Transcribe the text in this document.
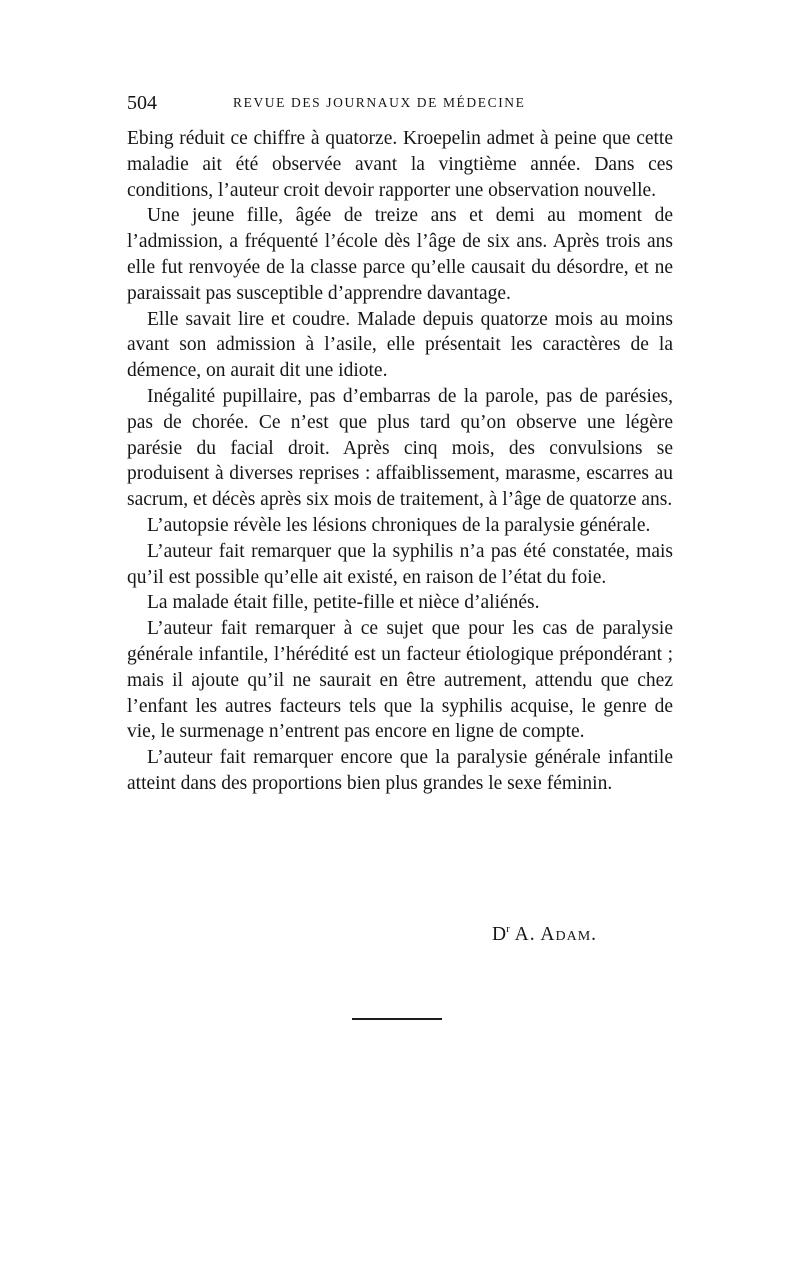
504	REVUE DES JOURNAUX DE MÉDECINE

Ebing réduit ce chiffre à quatorze. Kroepelin admet à peine que cette maladie ait été observée avant la vingtième année. Dans ces conditions, l’auteur croit devoir rapporter une observation nouvelle.

Une jeune fille, âgée de treize ans et demi au moment de l’admission, a fréquenté l’école dès l’âge de six ans. Après trois ans elle fut renvoyée de la classe parce qu’elle causait du désordre, et ne paraissait pas susceptible d’apprendre davantage.

Elle savait lire et coudre. Malade depuis quatorze mois au moins avant son admission à l’asile, elle présentait les caractères de la démence, on aurait dit une idiote.

Inégalité pupillaire, pas d’embarras de la parole, pas de parésies, pas de chorée. Ce n’est que plus tard qu’on observe une légère parésie du facial droit. Après cinq mois, des convulsions se produisent à diverses reprises : affaiblissement, marasme, escarres au sacrum, et décès après six mois de traitement, à l’âge de quatorze ans.

L’autopsie révèle les lésions chroniques de la paralysie générale.

L’auteur fait remarquer que la syphilis n’a pas été constatée, mais qu’il est possible qu’elle ait existé, en raison de l’état du foie.

La malade était fille, petite-fille et nièce d’aliénés.

L’auteur fait remarquer à ce sujet que pour les cas de paralysie générale infantile, l’hérédité est un facteur étiologique prépondérant ; mais il ajoute qu’il ne saurait en être autrement, attendu que chez l’enfant les autres facteurs tels que la syphilis acquise, le genre de vie, le surmenage n’entrent pas encore en ligne de compte.

L’auteur fait remarquer encore que la paralysie générale infantile atteint dans des proportions bien plus grandes le sexe féminin.

$D^r$ A. Adam.
